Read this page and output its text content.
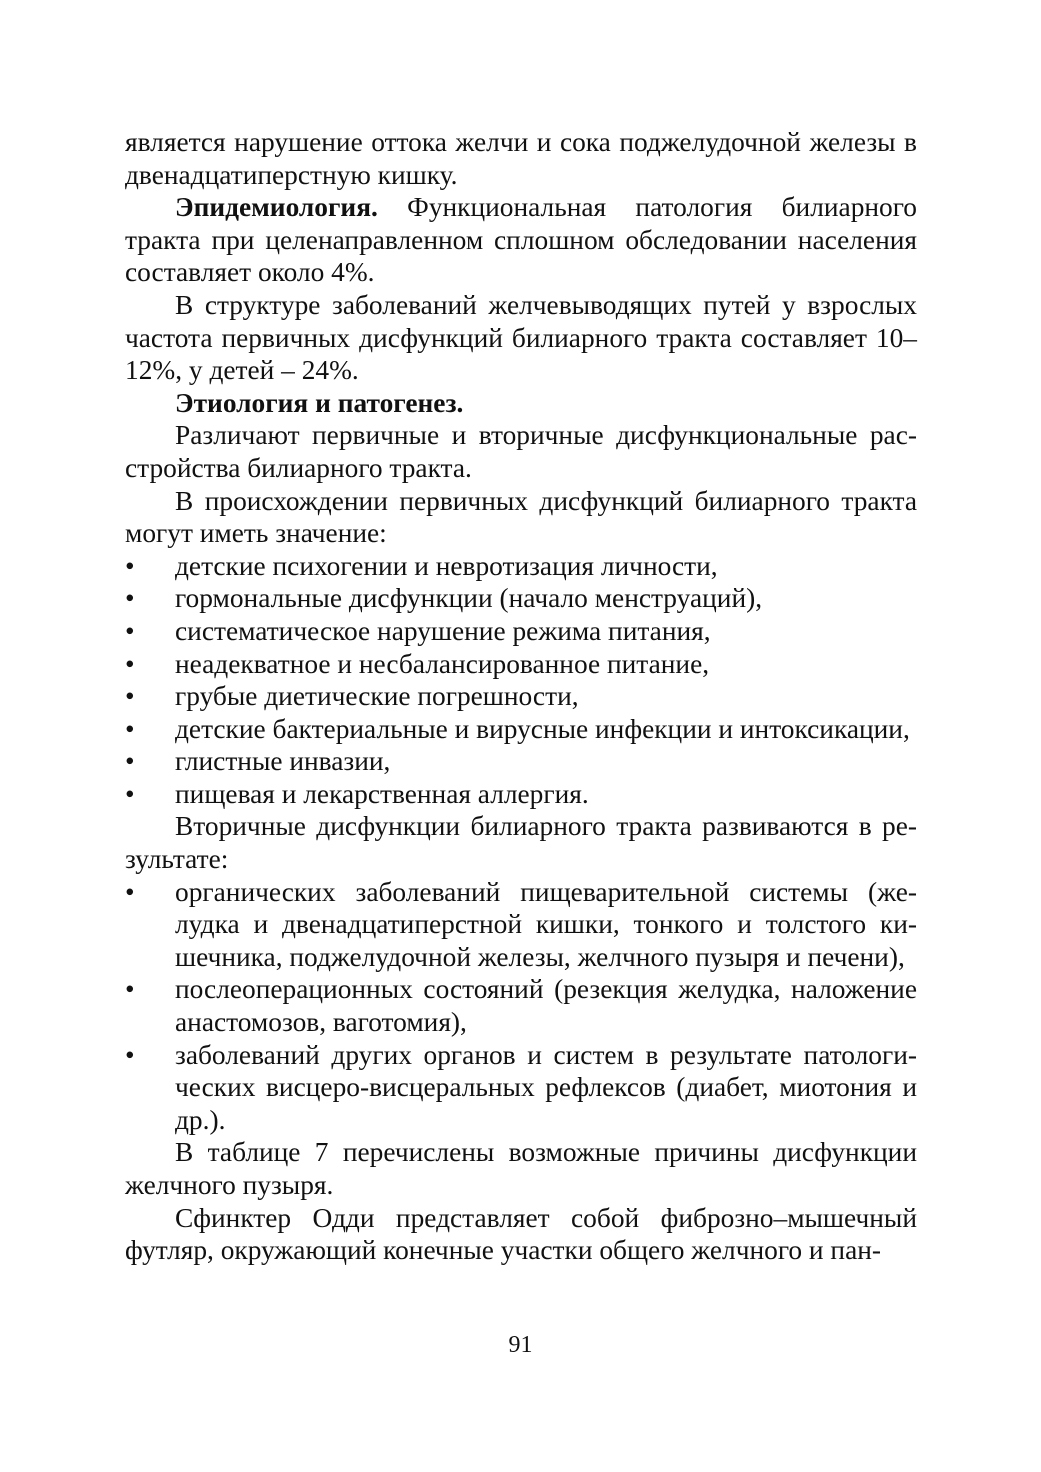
является нарушение оттока желчи и сока поджелудочной железы в двенадцатиперстную кишку.

Эпидемиология. Функциональная патология билиарного тракта при целенаправленном сплошном обследовании населения составляет около 4%.

В структуре заболеваний желчевыводящих путей у взрослых частота первичных дисфункций билиарного тракта составляет 10–12%, у детей – 24%.

Этиология и патогенез.

Различают первичные и вторичные дисфункциональные расстройства билиарного тракта.

В происхождении первичных дисфункций билиарного тракта могут иметь значение:

•	детские психогении и невротизация личности,
•	гормональные дисфункции (начало менструаций),
•	систематическое нарушение режима питания,
•	неадекватное и несбалансированное питание,
•	грубые диетические погрешности,
•	детские бактериальные и вирусные инфекции и интоксикации,
•	глистные инвазии,
•	пищевая и лекарственная аллергия.

Вторичные дисфункции билиарного тракта развиваются в результате:

•	органических заболеваний пищеварительной системы (желудка и двенадцатиперстной кишки, тонкого и толстого кишечника, поджелудочной железы, желчного пузыря и печени),
•	послеоперационных состояний (резекция желудка, наложение анастомозов, ваготомия),
•	заболеваний других органов и систем в результате патологических висцеро-висцеральных рефлексов (диабет, миотония и др.).

В таблице 7 перечислены возможные причины дисфункции желчного пузыря.

Сфинктер Одди представляет собой фиброзно–мышечный футляр, окружающий конечные участки общего желчного и пан-

91
